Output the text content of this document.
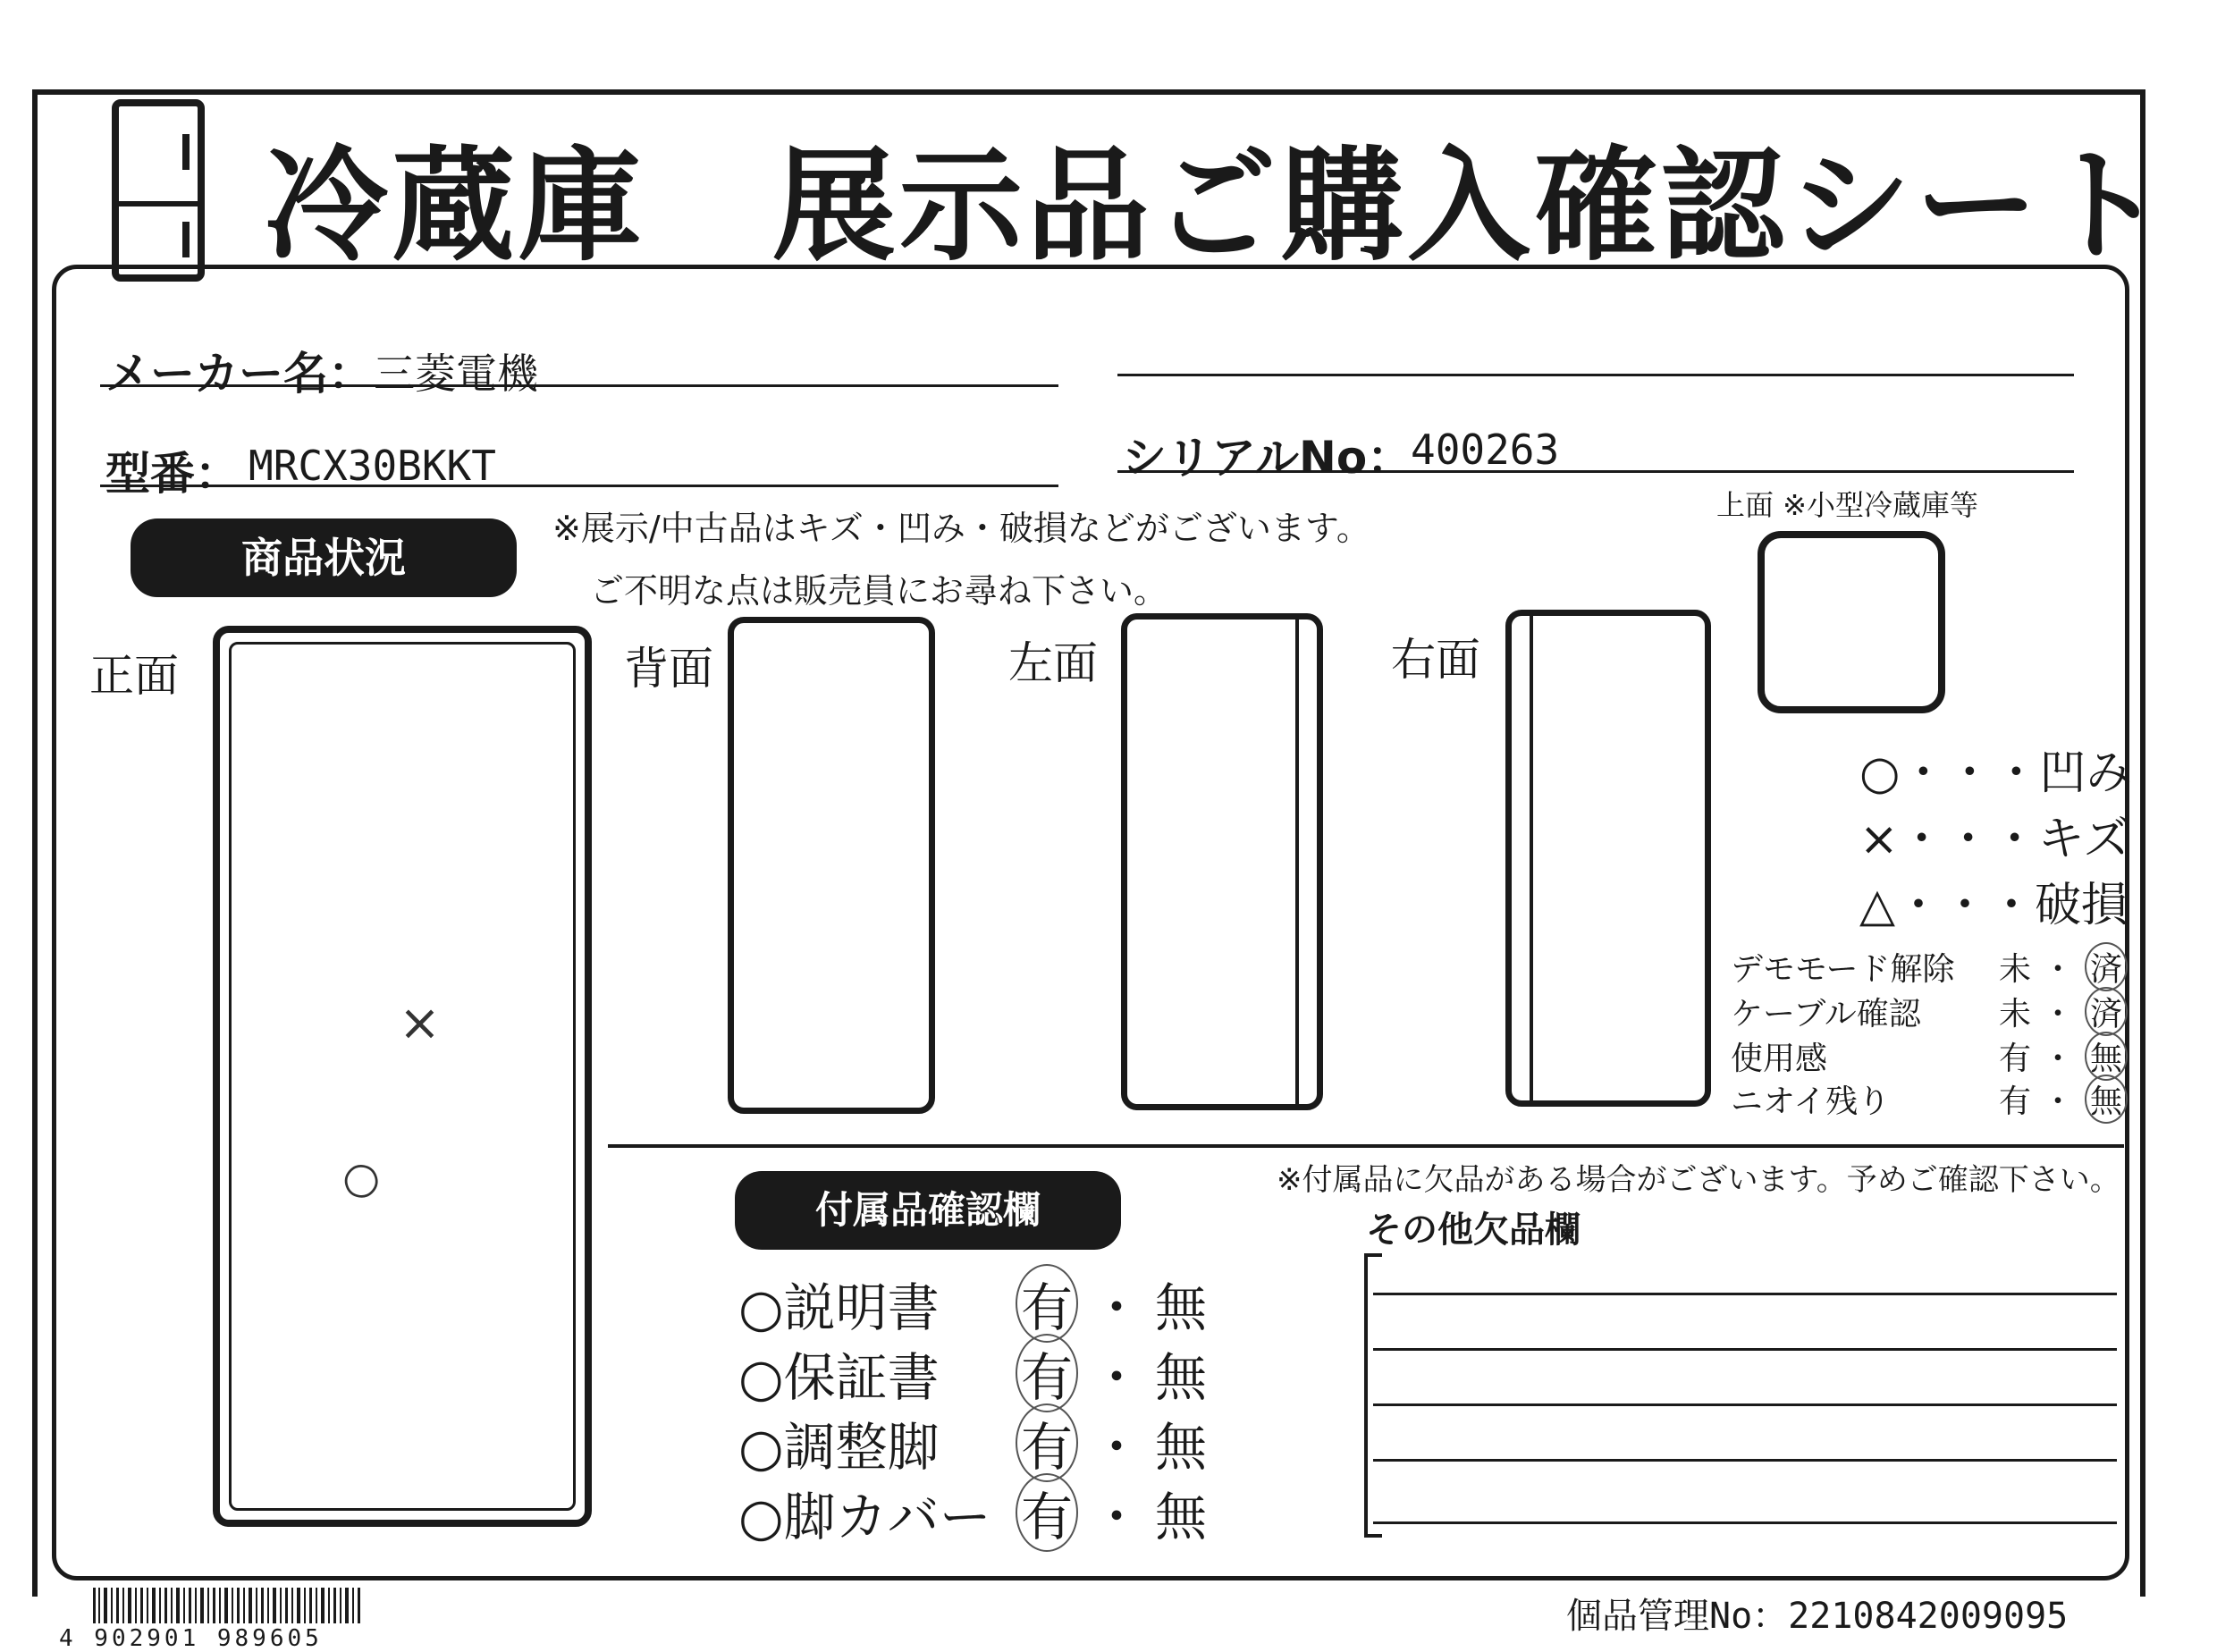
冷蔵庫　展示品ご購入確認シート
メーカー名： 三菱電機
型番： MRCX30BKKT	シリアルNo：
400263
商品状況
※展示/中古品はキズ・凹み・破損などがございます。
ご不明な点は販売員にお尋ね下さい。
正面
×
○
背面	左面	右面
上面 ※小型冷蔵庫等
○・・・凹み
×・・・キズ
△・・・破損
デモモード解除 未 ・ 済
ケーブル確認 未 ・ 済
使用感	有 ・ 無
ニオイ残り	有 ・ 無
付属品確認欄
※付属品に欠品がある場合がございます。予めご確認下さい。
その他欠品欄
○説明書 有 ・ 無
○保証書 有 ・ 無
○調整脚 有 ・ 無
○脚カバー 有 ・ 無
4 902901 989605
個品管理No：2210842009095
